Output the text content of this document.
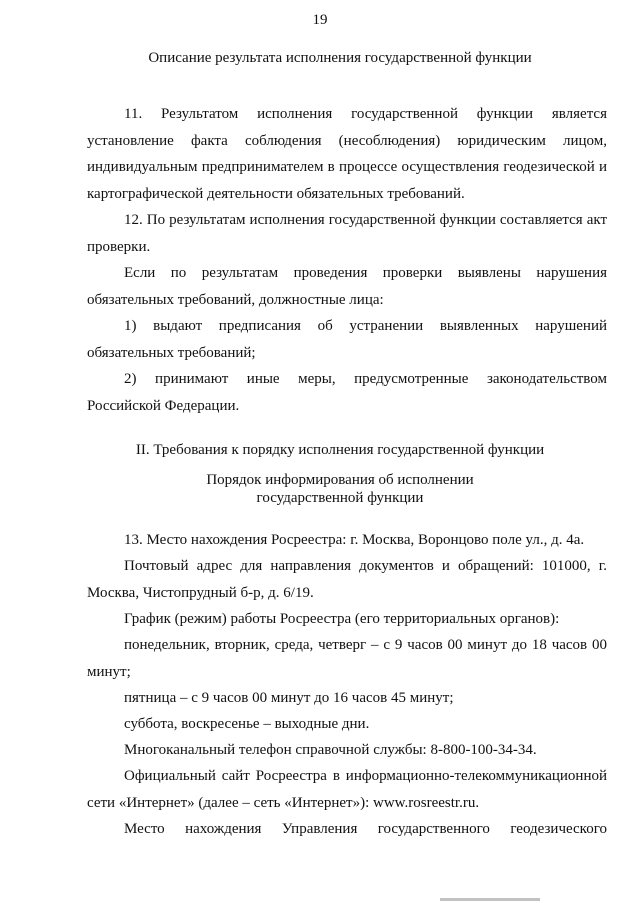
19
Описание результата исполнения государственной функции
11. Результатом исполнения государственной функции является установление факта соблюдения (несоблюдения) юридическим лицом, индивидуальным предпринимателем в процессе осуществления геодезической и картографической деятельности обязательных требований.
12. По результатам исполнения государственной функции составляется акт проверки.
Если по результатам проведения проверки выявлены нарушения обязательных требований, должностные лица:
1) выдают предписания об устранении выявленных нарушений обязательных требований;
2) принимают иные меры, предусмотренные законодательством Российской Федерации.
II. Требования к порядку исполнения государственной функции
Порядок информирования об исполнении
государственной функции
13. Место нахождения Росреестра: г. Москва, Воронцово поле ул., д. 4а.
Почтовый адрес для направления документов и обращений: 101000, г. Москва, Чистопрудный б-р, д. 6/19.
График (режим) работы Росреестра (его территориальных органов):
понедельник, вторник, среда, четверг – с 9 часов 00 минут до 18 часов 00 минут;
пятница – с 9 часов 00 минут до 16 часов 45 минут;
суббота, воскресенье – выходные дни.
Многоканальный телефон справочной службы: 8-800-100-34-34.
Официальный сайт Росреестра в информационно-телекоммуникационной сети «Интернет» (далее – сеть «Интернет»): www.rosreestr.ru.
Место нахождения Управления государственного геодезического
